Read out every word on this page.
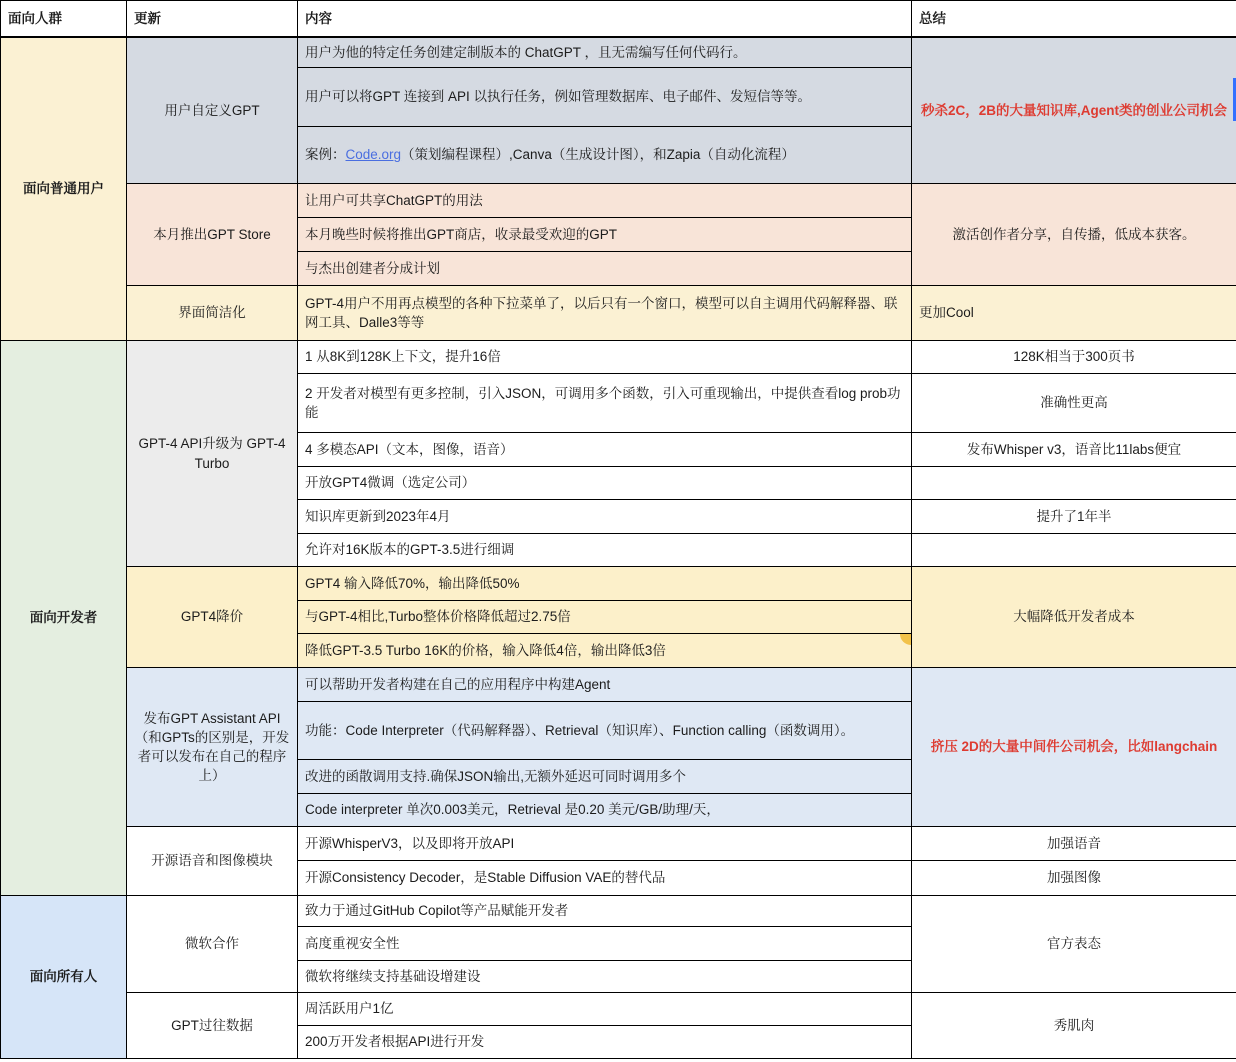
面向人群	更新	内容	总结
面向普通用户	用户自定义GPT	用户为他的特定任务创建定制版本的 ChatGPT ，且无需编写任何代码行。	秒杀2C，2B的大量知识库,Agent类的创业公司机会

		用户可以将GPT 连接到 API 以执行任务，例如管理数据库、电子邮件、发短信等等。	
		案例：Code.org（策划编程课程）,Canva（生成设计图），和Zapia（自动化流程）	
	本月推出GPT Store	让用户可共享ChatGPT的用法	激活创作者分享，自传播，低成本获客。
		本月晚些时候将推出GPT商店，收录最受欢迎的GPT	
		与杰出创建者分成计划	
	界面简洁化	GPT-4用户不用再点模型的各种下拉菜单了，以后只有一个窗口，模型可以自主调用代码解释器、联网工具、Dalle3等等	更加Cool
面向开发者	GPT-4 API升级为 GPT-4 Turbo	1 从8K到128K上下文，提升16倍	128K相当于300页书
		2 开发者对模型有更多控制，引入JSON，可调用多个函数，引入可重现输出，中提供查看log prob功能	准确性更高
		4 多模态API（文本，图像，语音）	发布Whisper v3，语音比11labs便宜
		开放GPT4微调（选定公司）	
		知识库更新到2023年4月	提升了1年半
		允许对16K版本的GPT-3.5进行细调	
	GPT4降价	GPT4 输入降低70%，输出降低50%	大幅降低开发者成本
		与GPT-4相比,Turbo整体价格降低超过2.75倍	
		降低GPT-3.5 Turbo 16K的价格，输入降低4倍，输出降低3倍	

	发布GPT Assistant API（和GPTs的区别是，开发者可以发布在自己的程序上）	可以帮助开发者构建在自己的应用程序中构建Agent	挤压 2D的大量中间件公司机会，比如langchain
		功能：Code Interpreter（代码解释器）、Retrieval（知识库）、Function calling（函数调用）。	
		改进的函散调用支持.确保JSON输出,无额外延迟可同时调用多个	
		Code interpreter 单次0.003美元，Retrieval 是0.20 美元/GB/助理/天，	
	开源语音和图像模块	开源WhisperV3，以及即将开放API	加强语音
		开源Consistency Decoder，是Stable Diffusion VAE的替代品	加强图像
面向所有人	微软合作	致力于通过GitHub Copilot等产品赋能开发者	官方表态
		高度重视安全性	
		微软将继续支持基础设增建设	
	GPT过往数据	周活跃用户1亿	秀肌肉
		200万开发者根据API进行开发	
